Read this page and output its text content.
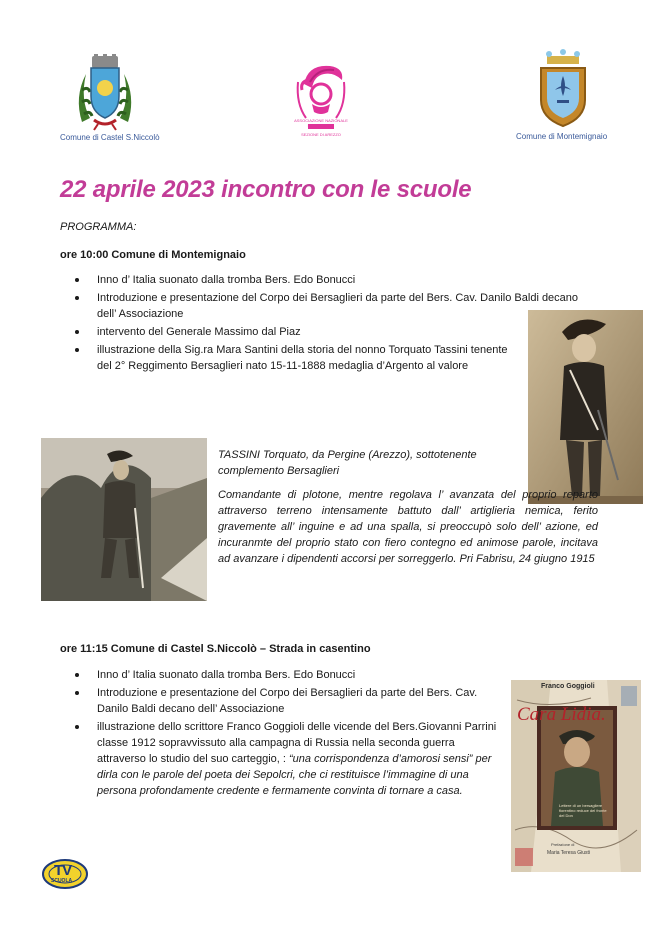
Comune di Castel S.Niccolò
ASSOCIAZIONE NAZIONALE BERSAGLIERI
SEZIONE DI AREZZO	Comune di Montemignaio
22 aprile 2023 incontro con le scuole
PROGRAMMA:
ore 10:00 Comune di Montemignaio
Inno d’ Italia suonato dalla tromba Bers. Edo Bonucci
Introduzione e presentazione del Corpo dei Bersaglieri da parte del Bers. Cav. Danilo Baldi decano dell’ Associazione
intervento del Generale Massimo dal Piaz
illustrazione della Sig.ra Mara Santini della storia del nonno Torquato Tassini tenente del 2° Reggimento Bersaglieri nato 15-11-1888 medaglia d’Argento al valore
TASSINI Torquato, da Pergine (Arezzo), sottotenente complemento Bersaglieri
Comandante di plotone, mentre regolava l’ avanzata del proprio reparto attraverso terreno intensamente battuto dall’ artiglieria nemica, ferito gravemente all’ inguine e ad una spalla, si preoccupò solo dell’ azione, ed incuranmte del proprio stato con fiero contegno ed animose parole, incitava ad avanzare i dipendenti accorsi per sorreggerlo. Pri Fabrisu, 24 giugno 1915
ore 11:15 Comune di Castel S.Niccolò – Strada in casentino
Inno d’ Italia suonato dalla tromba Bers. Edo Bonucci
Introduzione e presentazione del Corpo dei Bersaglieri da parte del Bers. Cav. Danilo Baldi decano dell’ Associazione
illustrazione dello scrittore Franco Goggioli delle vicende del Bers.Giovanni Parrini classe 1912 sopravvissuto alla campagna di Russia nella seconda guerra attraverso lo studio del suo carteggio, : “una corrispondenza d’amorosi sensi” per dirla con le parole del poeta dei Sepolcri, che ci restituisce l’immagine di una persona profondamente credente e fermamente convinta di tornare a casa.
Franco Goggioli
Cara Lidia.
Lettere di un bersagliere fiorentino reduce del fronte del Don
Prefazione di
Maria Teresa Giusti
TV
SCUOLA
